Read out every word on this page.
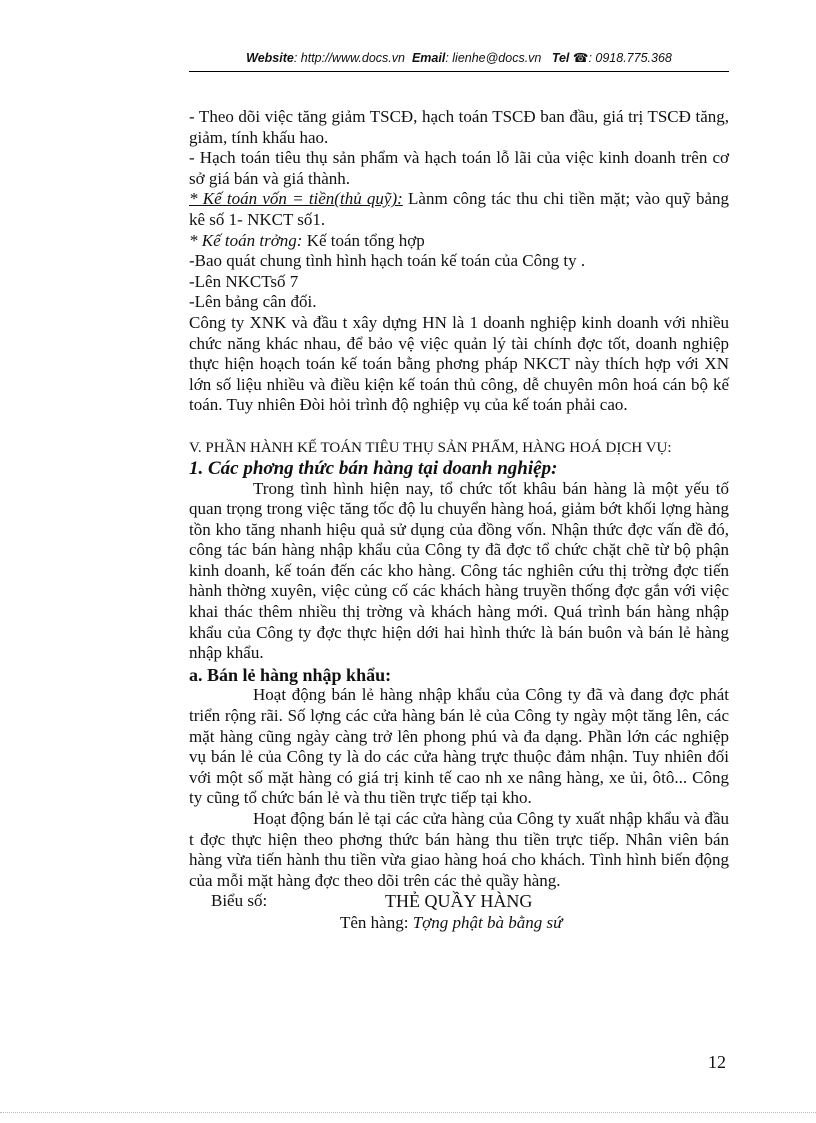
Website: http://www.docs.vn Email: lienhe@docs.vn Tel ☎: 0918.775.368

- Theo dõi việc tăng giảm TSCĐ, hạch toán TSCĐ ban đầu, giá trị TSCĐ tăng, giảm, tính khấu hao.

- Hạch toán tiêu thụ sản phẩm và hạch toán lỗ lãi của việc kinh doanh trên cơ sở giá bán và giá thành.

* Kế toán vốn = tiền(thủ quỹ): Lànm công tác thu chi tiền mặt; vào quỹ bảng kê số 1- NKCT số1.

* Kế toán trởng: Kế toán tổng hợp

-Bao quát chung tình hình hạch toán kế toán của Công ty .

-Lên NKCTsố 7

-Lên bảng cân đối.

Công ty XNK và đầu t xây dựng HN là 1 doanh nghiệp kinh doanh với nhiều chức năng khác nhau, để bảo vệ việc quản lý tài chính đợc tốt, doanh nghiệp thực hiện hoạch toán kế toán bằng phơng pháp NKCT này thích hợp với XN lớn số liệu nhiều và điều kiện kế toán thủ công, dễ chuyên môn hoá cán bộ kế toán. Tuy nhiên Đòi hỏi trình độ nghiệp vụ của kế toán phải cao.

V. PHẦN HÀNH KẾ TOÁN TIÊU THỤ SẢN PHẨM, HÀNG HOÁ DỊCH VỤ:

1. Các phơng thức bán hàng tại doanh nghiệp:

Trong tình hình hiện nay, tổ chức tốt khâu bán hàng là một yếu tố quan trọng trong việc tăng tốc độ lu chuyển hàng hoá, giảm bớt khối lợng hàng tồn kho tăng nhanh hiệu quả sử dụng của đồng vốn. Nhận thức đợc vấn đề đó, công tác bán hàng nhập khẩu của Công ty đã đợc tổ chức chặt chẽ từ bộ phận kinh doanh, kế toán đến các kho hàng. Công tác nghiên cứu thị trờng đợc tiến hành thờng xuyên, việc củng cố các khách hàng truyền thống đợc gắn với việc khai thác thêm nhiều thị trờng và khách hàng mới. Quá trình bán hàng nhập khẩu của Công ty đợc thực hiện dới hai hình thức là bán buôn và bán lẻ hàng nhập khẩu.

a. Bán lẻ hàng nhập khẩu:

Hoạt động bán lẻ hàng nhập khẩu của Công ty đã và đang đợc phát triển rộng rãi. Số lợng các cửa hàng bán lẻ của Công ty ngày một tăng lên, các mặt hàng cũng ngày càng trở lên phong phú và đa dạng. Phần lớn các nghiệp vụ bán lẻ của Công ty là do các cửa hàng trực thuộc đảm nhận. Tuy nhiên đối với một số mặt hàng có giá trị kinh tế cao nh xe nâng hàng, xe ủi, ôtô... Công ty cũng tổ chức bán lẻ và thu tiền trực tiếp tại kho.

Hoạt động bán lẻ tại các cửa hàng của Công ty xuất nhập khẩu và đầu t đợc thực hiện theo phơng thức bán hàng thu tiền trực tiếp. Nhân viên bán hàng vừa tiến hành thu tiền vừa giao hàng hoá cho khách. Tình hình biến động của mỗi mặt hàng đợc theo dõi trên các thẻ quầy hàng.

Biểu số:	THẺ QUẦY HÀNG

Tên hàng: Tợng phật bà bằng sứ

12
